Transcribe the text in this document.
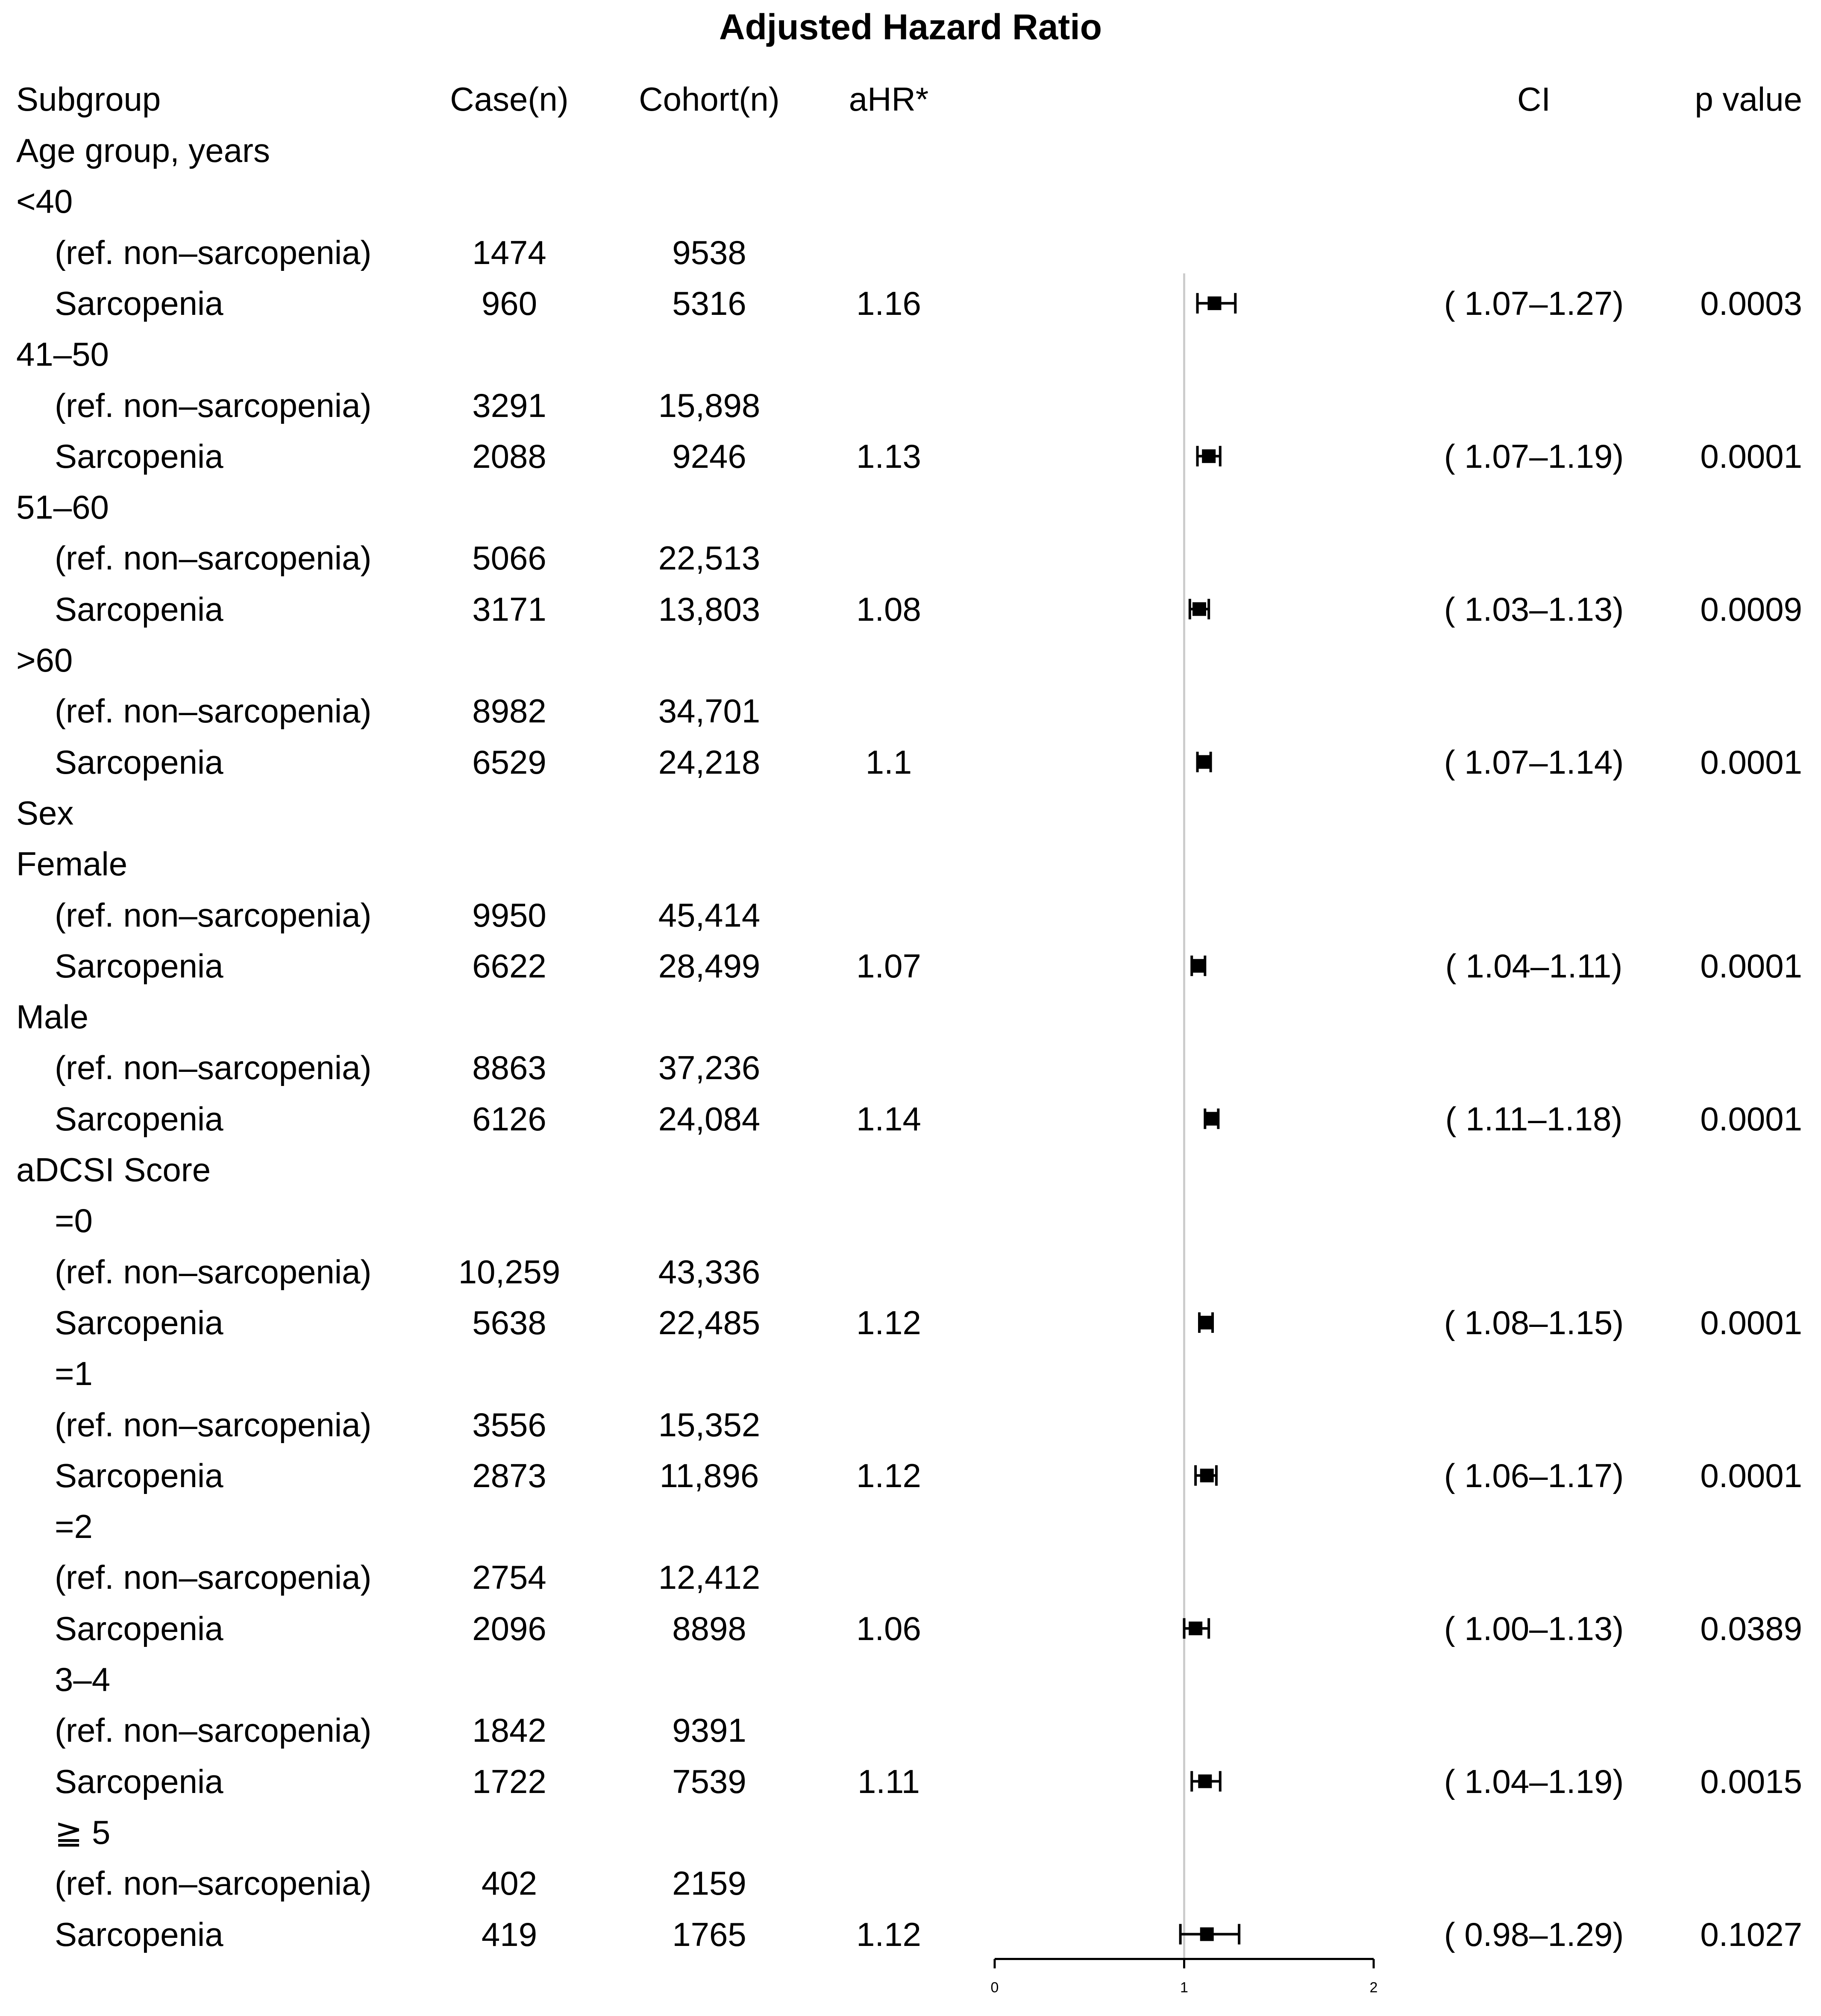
Adjusted Hazard Ratio
Subgroup	Case(n) Cohort(n) aHR*	CI	p value
Age group, years
<40
(ref. non–sarcopenia)	1474	9538
Sarcopenia	960	5316	1.16	( 1.07–1.27) 0.0003
41–50
(ref. non–sarcopenia)	3291	15,898
Sarcopenia	2088	9246	1.13	( 1.07–1.19) 0.0001
51–60
(ref. non–sarcopenia)	5066	22,513
Sarcopenia	3171	13,803	1.08	( 1.03–1.13) 0.0009
>60
(ref. non–sarcopenia)	8982	34,701
Sarcopenia	6529	24,218	1.1	( 1.07–1.14) 0.0001
Sex
Female
(ref. non–sarcopenia)	9950	45,414
Sarcopenia	6622	28,499	1.07	( 1.04–1.11) 0.0001
Male
(ref. non–sarcopenia)	8863	37,236
Sarcopenia	6126	24,084	1.14	( 1.11–1.18) 0.0001
aDCSI Score
=0
(ref. non–sarcopenia)	10,259	43,336
Sarcopenia	5638	22,485	1.12	( 1.08–1.15) 0.0001
=1
(ref. non–sarcopenia)	3556	15,352
Sarcopenia	2873	11,896	1.12	( 1.06–1.17) 0.0001
=2
(ref. non–sarcopenia)	2754	12,412
Sarcopenia	2096	8898	1.06	( 1.00–1.13) 0.0389
3–4
(ref. non–sarcopenia)	1842	9391
Sarcopenia	1722	7539	1.11	( 1.04–1.19) 0.0015
≧ 5
(ref. non–sarcopenia)	402	2159
Sarcopenia	419	1765	1.12	( 0.98–1.29) 0.1027
0	1	2
